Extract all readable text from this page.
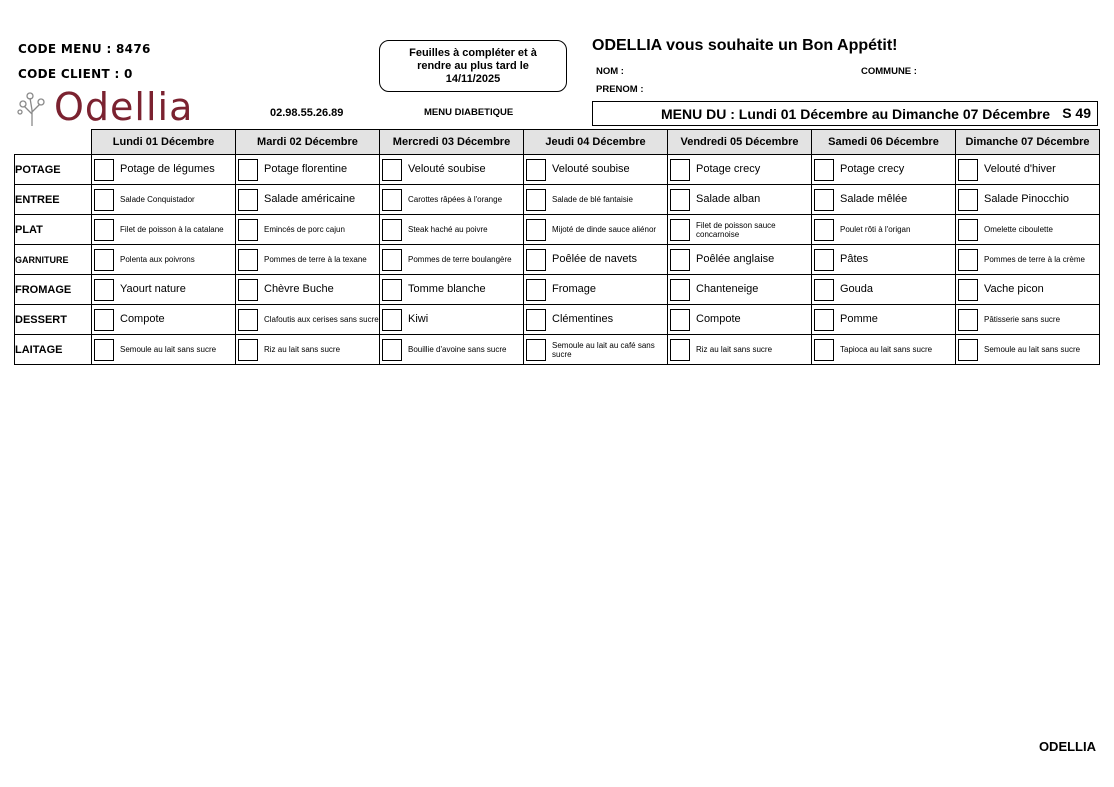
CODE MENU : 8476
CODE CLIENT : 0
Odellia	02.98.55.26.89
Feuilles à compléter et à rendre au plus tard le 14/11/2025
MENU DIABETIQUE
ODELLIA vous souhaite un Bon Appétit!
NOM :
PRENOM :
COMMUNE :
MENU DU : Lundi 01 Décembre au Dimanche 07 Décembre S 49
	Lundi 01 Décembre	Mardi 02 Décembre	Mercredi 03 Décembre	Jeudi 04 Décembre	Vendredi 05 Décembre	Samedi 06 Décembre	Dimanche 07 Décembre
POTAGE	Potage de légumes	Potage florentine	Velouté soubise	Velouté soubise	Potage crecy	Potage crecy	Velouté d'hiver

ENTREE	Salade Conquistador	Salade américaine	Carottes râpées à l'orange	Salade de blé fantaisie	Salade alban	Salade mêlée	Salade Pinocchio

PLAT	Filet de poisson à la catalane	Emincés de porc cajun	Steak haché au poivre	Mijoté de dinde sauce aliénor	Filet de poisson sauce concarnoise	Poulet rôti à l'origan	Omelette ciboulette

GARNITURE	Polenta aux poivrons	Pommes de terre à la texane	Pommes de terre boulangère	Poêlée de navets	Poêlée anglaise	Pâtes	Pommes de terre à la crème

FROMAGE	Yaourt nature	Chèvre Buche	Tomme blanche	Fromage	Chanteneige	Gouda	Vache picon

DESSERT	Compote	Clafoutis aux cerises sans sucre	Kiwi	Clémentines	Compote	Pomme	Pâtisserie sans sucre

LAITAGE	Semoule au lait sans sucre	Riz au lait sans sucre	Bouillie d'avoine sans sucre	Semoule au lait au café sans sucre	Riz au lait sans sucre	Tapioca au lait sans sucre	Semoule au lait sans sucre
ODELLIA
